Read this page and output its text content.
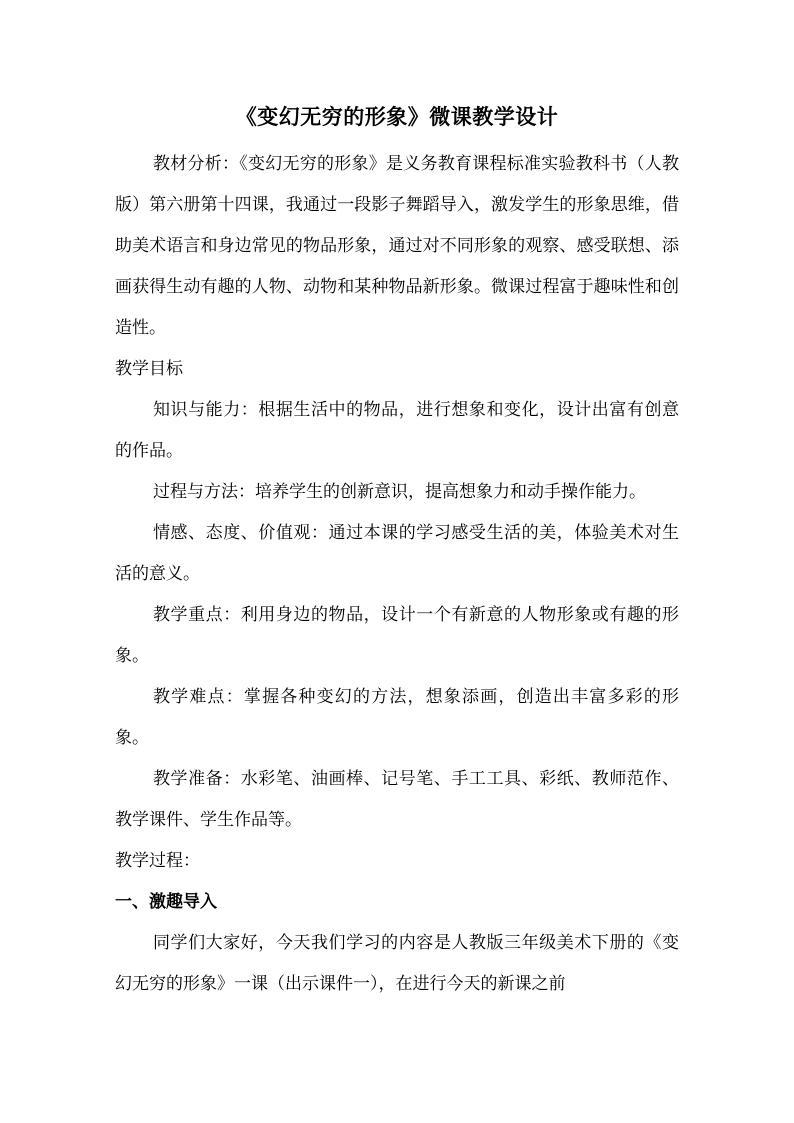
《变幻无穷的形象》微课教学设计

教材分析：《变幻无穷的形象》是义务教育课程标准实验教科书（人教版）第六册第十四课，我通过一段影子舞蹈导入，激发学生的形象思维，借助美术语言和身边常见的物品形象，通过对不同形象的观察、感受联想、添画获得生动有趣的人物、动物和某种物品新形象。微课过程富于趣味性和创造性。

教学目标

知识与能力：根据生活中的物品，进行想象和变化，设计出富有创意的作品。

过程与方法：培养学生的创新意识，提高想象力和动手操作能力。

情感、态度、价值观：通过本课的学习感受生活的美，体验美术对生活的意义。

教学重点：利用身边的物品，设计一个有新意的人物形象或有趣的形象。

教学难点：掌握各种变幻的方法，想象添画，创造出丰富多彩的形象。

教学准备：水彩笔、油画棒、记号笔、手工工具、彩纸、教师范作、教学课件、学生作品等。

教学过程：

一、激趣导入

同学们大家好，今天我们学习的内容是人教版三年级美术下册的《变幻无穷的形象》一课（出示课件一），在进行今天的新课之前
